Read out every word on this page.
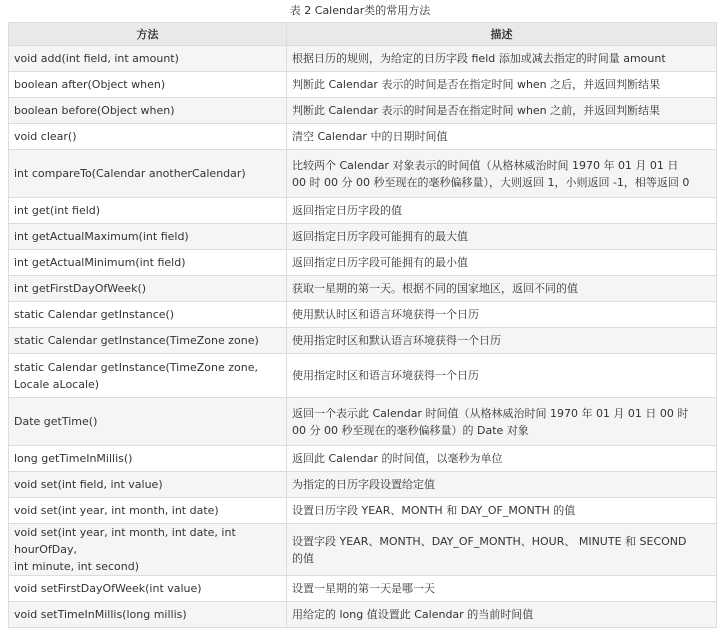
表 2 Calendar类的常用方法
方法	描述
void add(int field, int amount)	根据日历的规则，为给定的日历字段 field 添加或减去指定的时间量 amount
boolean after(Object when)	判断此 Calendar 表示的时间是否在指定时间 when 之后，并返回判断结果
boolean before(Object when)	判断此 Calendar 表示的时间是否在指定时间 when 之前，并返回判断结果
void clear()	清空 Calendar 中的日期时间值
int compareTo(Calendar anotherCalendar)	比较两个 Calendar 对象表示的时间值（从格林威治时间 1970 年 01 月 01 日
00 时 00 分 00 秒至现在的毫秒偏移量），大则返回 1，小则返回 -1，相等返回 0
int get(int field)	返回指定日历字段的值
int getActualMaximum(int field)	返回指定日历字段可能拥有的最大值
int getActualMinimum(int field)	返回指定日历字段可能拥有的最小值
int getFirstDayOfWeek()	获取一星期的第一天。根据不同的国家地区，返回不同的值
static Calendar getInstance()	使用默认时区和语言环境获得一个日历
static Calendar getInstance(TimeZone zone)	使用指定时区和默认语言环境获得一个日历
static Calendar getInstance(TimeZone zone,
Locale aLocale)	使用指定时区和语言环境获得一个日历
Date getTime()	返回一个表示此 Calendar 时间值（从格林威治时间 1970 年 01 月 01 日 00 时
00 分 00 秒至现在的毫秒偏移量）的 Date 对象
long getTimeInMillis()	返回此 Calendar 的时间值，以毫秒为单位
void set(int field, int value)	为指定的日历字段设置给定值
void set(int year, int month, int date)	设置日历字段 YEAR、MONTH 和 DAY_OF_MONTH 的值
void set(int year, int month, int date, int hourOfDay,
int minute, int second)	设置字段 YEAR、MONTH、DAY_OF_MONTH、HOUR、 MINUTE 和 SECOND 的值
void setFirstDayOfWeek(int value)	设置一星期的第一天是哪一天
void setTimeInMillis(long millis)	用给定的 long 值设置此 Calendar 的当前时间值
